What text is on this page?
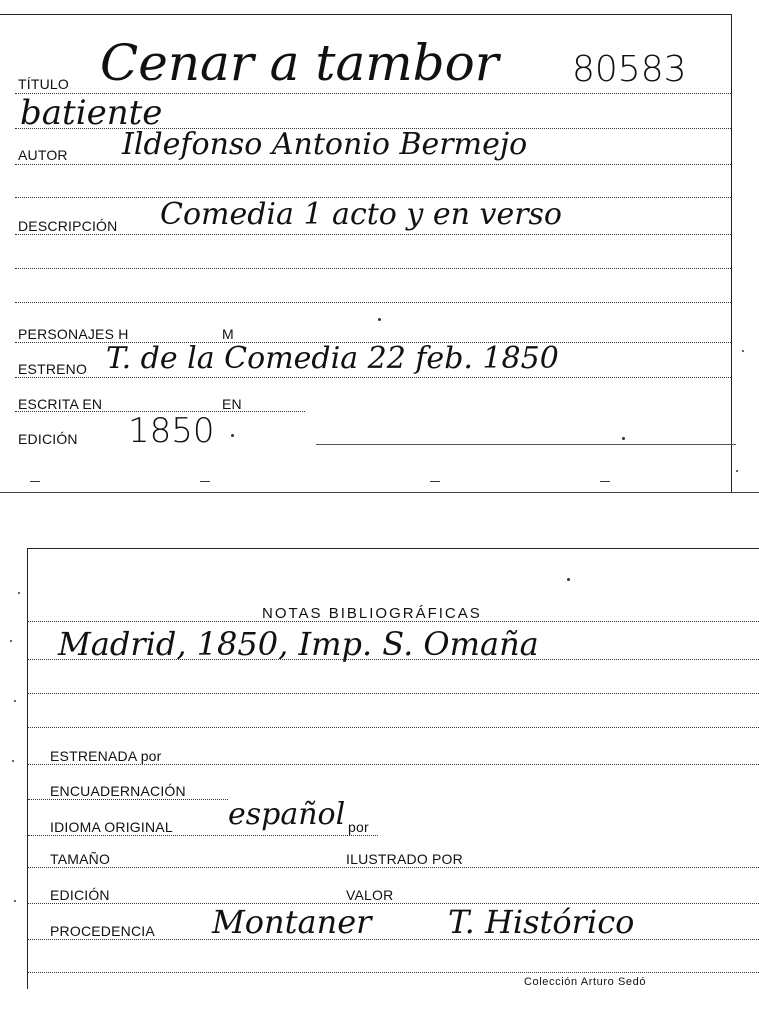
TÍTULO Cenar a tambor 80583
batiente
AUTOR Ildefonso Antonio Bermejo
DESCRIPCIÓN Comedia 1 acto y en verso
PERSONAJES H	M
ESTRENO T. de la Comedia 22 feb. 1850
ESCRITA EN	EN
EDICIÓN 1850
NOTAS BIBLIOGRÁFICAS
Madrid, 1850, Imp. S. Omaña
ESTRENADA por
ENCUADERNACIÓN
IDIOMA ORIGINAL español por
TAMAÑO	ILUSTRADO POR
EDICIÓN	VALOR
PROCEDENCIA Montaner T. Histórico
Colección Arturo Sedó
